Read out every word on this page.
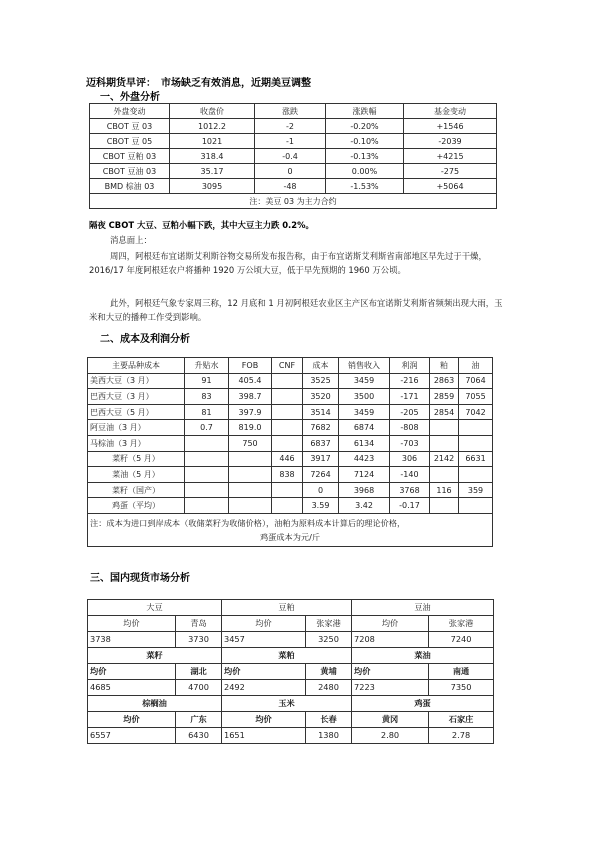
迈科期货早评：　市场缺乏有效消息，近期美豆调整
一、外盘分析
外盘变动	收盘价	涨跌	涨跌幅	基金变动
CBOT 豆 03	1012.2	-2	-0.20%	+1546
CBOT 豆 05	1021	-1	-0.10%	-2039
CBOT 豆粕 03	318.4	-0.4	-0.13%	+4215
CBOT 豆油 03	35.17	0	0.00%	-275
BMD 棕油 03	3095	-48	-1.53%	+5064
注：美豆 03 为主力合约				
隔夜 CBOT 大豆、豆粕小幅下跌，其中大豆主力跌 0.2%。
消息面上：
周四，阿根廷布宜诺斯艾利斯谷物交易所发布报告称，由于布宜诺斯艾利斯省南部地区早先过于干燥，2016/17 年度阿根廷农户将播种 1920 万公顷大豆，低于早先预期的 1960 万公顷。
此外，阿根廷气象专家周三称，12 月底和 1 月初阿根廷农业区主产区布宜诺斯艾利斯省频频出现大雨，玉米和大豆的播种工作受到影响。
二、成本及利润分析
主要品种成本	升贴水	FOB	CNF	成本	销售收入	利润	粕	油
美西大豆（3 月）	91	405.4		3525	3459	-216	2863	7064
巴西大豆（3 月）	83	398.7		3520	3500	-171	2859	7055
巴西大豆（5 月）	81	397.9		3514	3459	-205	2854	7042
阿豆油（3 月）	0.7	819.0		7682	6874	-808		
马棕油（3 月）		750		6837	6134	-703		
菜籽（5 月）			446	3917	4423	306	2142	6631
菜油（5 月）			838	7264	7124	-140		
菜籽（国产）				0	3968	3768	116	359
鸡蛋（平均）				3.59	3.42	-0.17		

注：成本为进口到岸成本（收储菜籽为收储价格），油粕为原料成本计算后的理论价格，
鸡蛋成本为元/斤								
三、国内现货市场分析
大豆		豆粕		豆油	
均价	青岛	均价	张家港	均价	张家港
3738	3730	3457	3250	7208	7240
菜籽		菜粕		菜油	
均价	湖北	均价	黄埔	均价	南通
4685	4700	2492	2480	7223	7350
棕榈油		玉米		鸡蛋	
均价	广东	均价	长春	黄冈	石家庄
6557	6430	1651	1380	2.80	2.78
